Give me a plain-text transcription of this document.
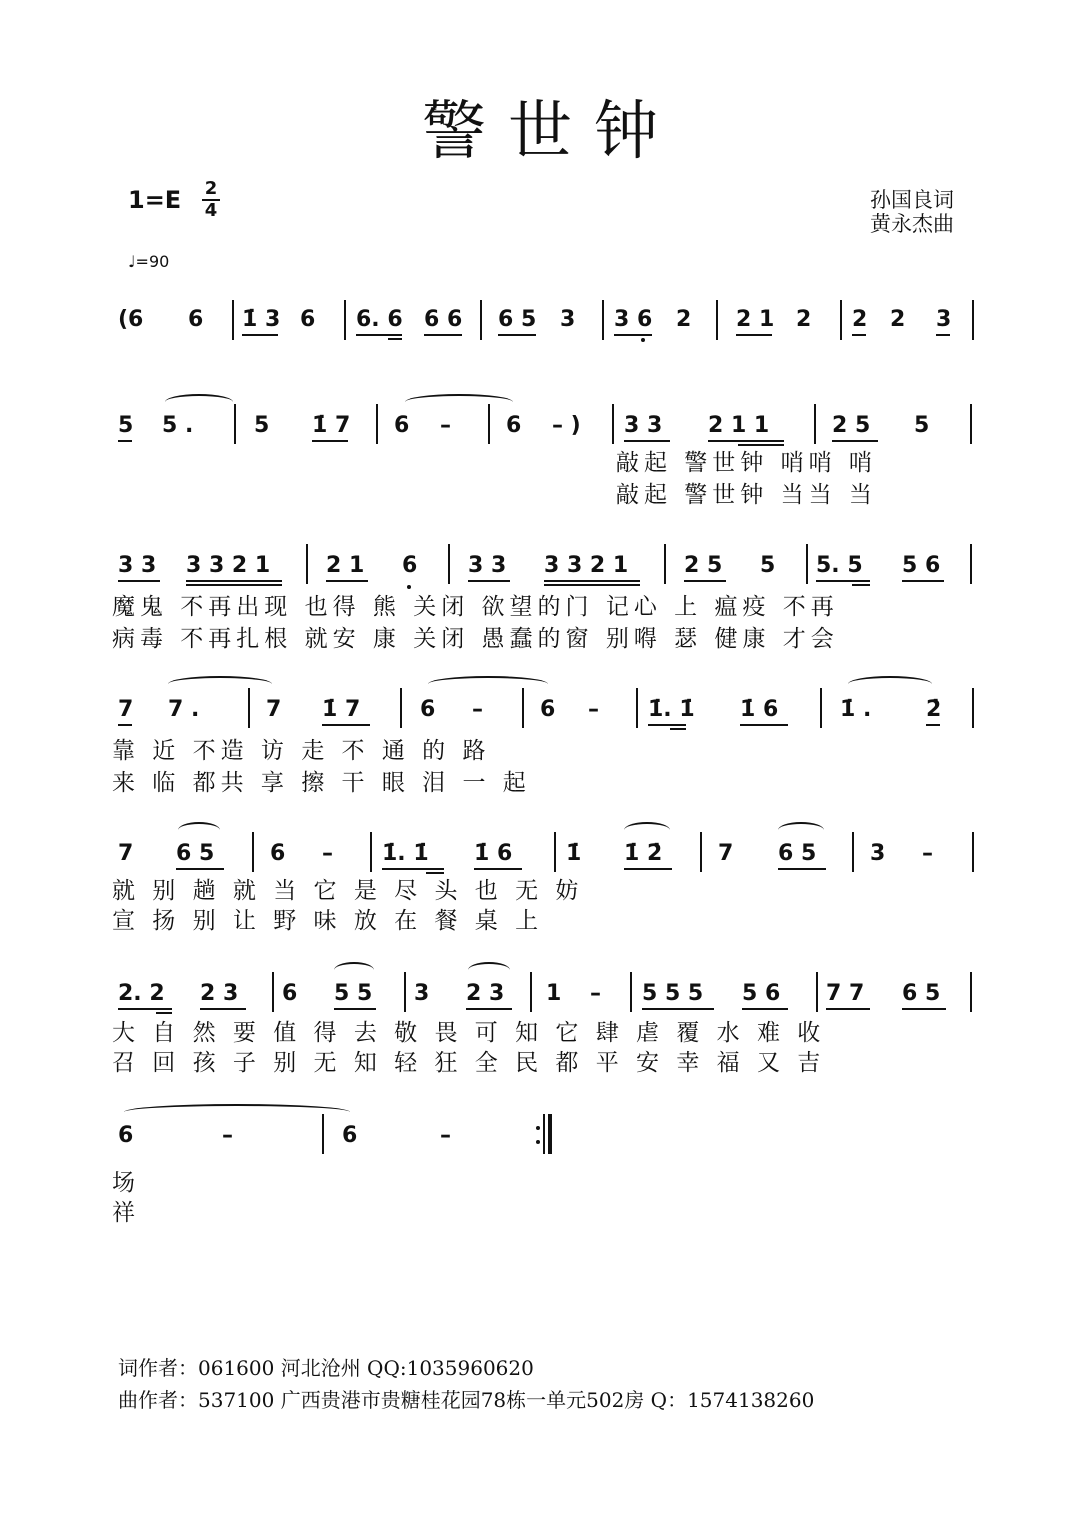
警世钟
1=E 2
4
♩=90
孙国良词
黄永杰曲
(6 6 1̇ 3 6 6. 6 6 6 6 5 3 3 6 2 2 1 2 2 2 3
5 5 .	5 1̇ 7 6 –	6 – ) 3 3 2 1 1	2 5 5
敲起 警世钟 哨哨 哨
敲起 警世钟 当当 当
3 3 3 3 2 1	2 1 6 3 3 3 3 2 1	2 5 5 5. 5 5 6
魔鬼 不再出现 也得 熊 关闭 欲望的门 记心 上 瘟疫 不再
病毒 不再扎根 就安 康 关闭 愚蠢的窗 别嘚 瑟 健康 才会
7 7 .	7 1̇ 7	6 –	6 – 1̇. 1̇ 1̇ 6	1̇ . 2̇
靠 近 不造 访 走 不 通 的 路
来 临 都共 享 擦 干 眼 泪 一 起
7 6 5	6 – 1̇. 1̇ 1̇ 6 1̇ 1̇ 2̇	7 6 5 3 –
就 别 趟 就 当 它 是 尽 头 也 无 妨
宣 扬 别 让 野 味 放 在 餐 桌 上
2. 2 2 3 6 5 5 3 2 3 1 – 5 5 5 5 6 7 7 6 5
大 自 然 要 值 得 去 敬 畏 可 知 它 肆 虐 覆 水 难 收
召 回 孩 子 别 无 知 轻 狂 全 民 都 平 安 幸 福 又 吉
6	–	6	–
场
祥
词作者：061600 河北沧州 QQ:1035960620
曲作者：537100 广西贵港市贵糖桂花园78栋一单元502房 Q：1574138260
